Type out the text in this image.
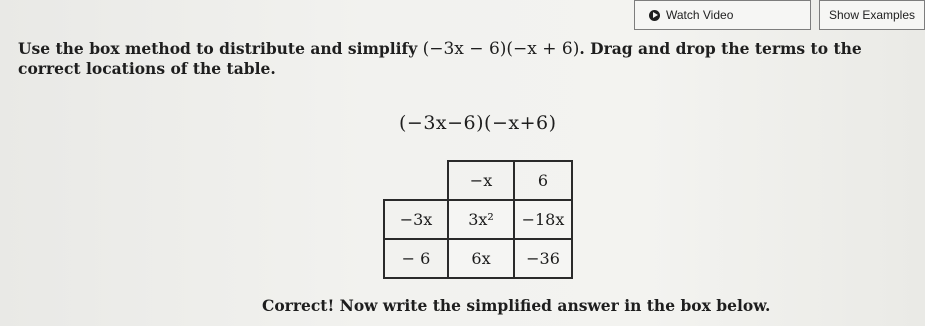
Watch Video	Show Examples
Use the box method to distribute and simplify (−3x − 6)(−x + 6). Drag and drop the terms to the correct locations of the table.
(−3x−6)(−x+6)
	−x	6
−3x	3x²	−18x
− 6	6x	−36
Correct! Now write the simplified answer in the box below.
